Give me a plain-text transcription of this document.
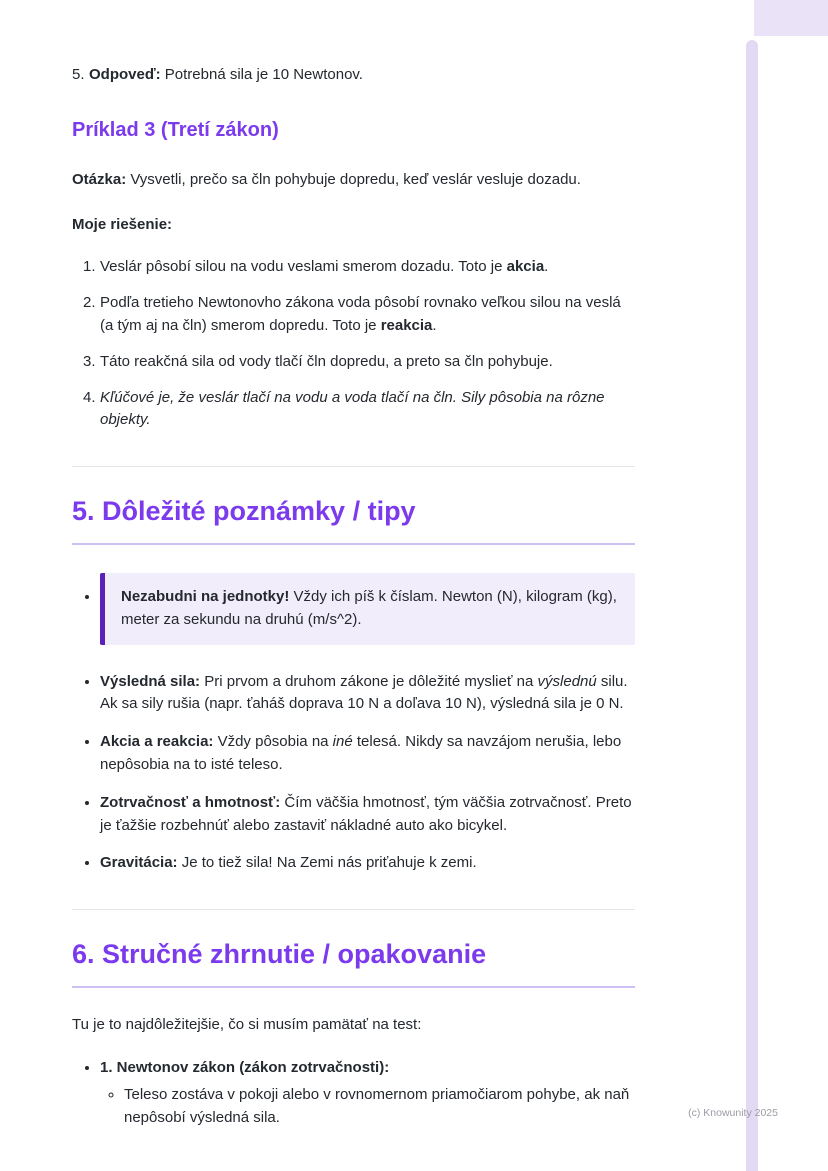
5. Odpoveď: Potrebná sila je 10 Newtonov.

Príklad 3 (Tretí zákon)

Otázka: Vysvetli, prečo sa čln pohybuje dopredu, keď veslár vesluje dozadu.

Moje riešenie:

1. Veslár pôsobí silou na vodu veslami smerom dozadu. Toto je akcia.

2. Podľa tretieho Newtonovho zákona voda pôsobí rovnako veľkou silou na veslá (a tým aj na čln) smerom dopredu. Toto je reakcia.

3. Táto reakčná sila od vody tlačí čln dopredu, a preto sa čln pohybuje.

4. Kľúčové je, že veslár tlačí na vodu a voda tlačí na čln. Sily pôsobia na rôzne objekty.

5. Dôležité poznámky / tipy
• Nezabudni na jednotky! Vždy ich píš k číslam. Newton (N), kilogram (kg), meter za sekundu na druhú (m/s^2).
• Výsledná sila: Pri prvom a druhom zákone je dôležité myslieť na výslednú silu. Ak sa sily rušia (napr. ťaháš doprava 10 N a doľava 10 N), výsledná sila je 0 N.
• Akcia a reakcia: Vždy pôsobia na iné telesá. Nikdy sa navzájom nerušia, lebo nepôsobia na to isté teleso.
• Zotrvačnosť a hmotnosť: Čím väčšia hmotnosť, tým väčšia zotrvačnosť. Preto je ťažšie rozbehnúť alebo zastaviť nákladné auto ako bicykel.
• Gravitácia: Je to tiež sila! Na Zemi nás priťahuje k zemi.
6. Stručné zhrnutie / opakovanie

Tu je to najdôležitejšie, čo si musím pamätať na test:

• 1. Newtonov zákon (zákon zotrvačnosti):
◦ Teleso zostáva v pokoji alebo v rovnomernom priamočiarom pohybe, ak naň nepôsobí výsledná sila.	(c) Knowunity 2025
